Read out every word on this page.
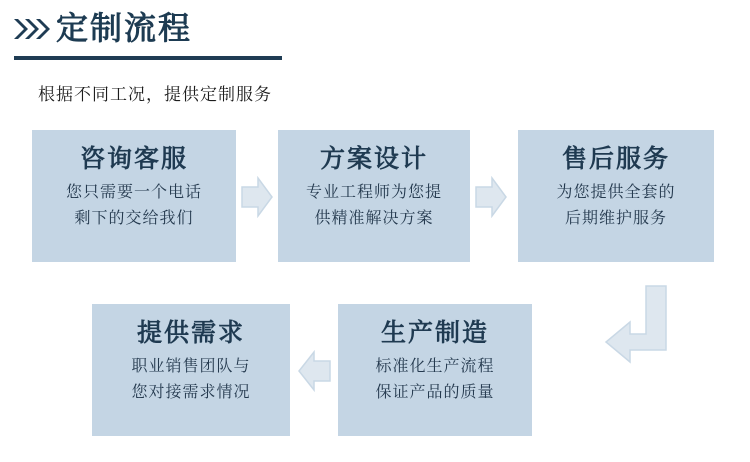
定制流程
根据不同工况，提供定制服务
咨询客服
您只需要一个电话
剩下的交给我们
方案设计
专业工程师为您提
供精准解决方案
售后服务
为您提供全套的
后期维护服务
生产制造
标准化生产流程
保证产品的质量
提供需求
职业销售团队与
您对接需求情况
